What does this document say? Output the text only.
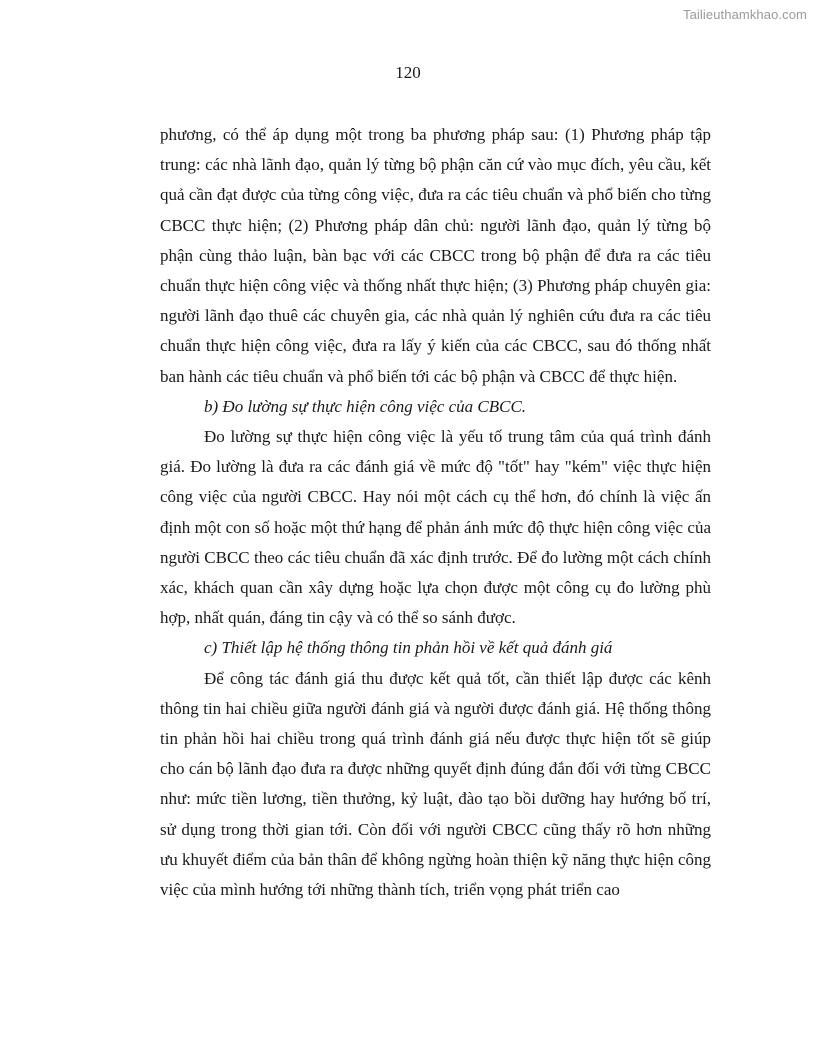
Tailieuthamkhao.com
120

phương, có thể áp dụng một trong ba phương pháp sau: (1) Phương pháp tập trung: các nhà lãnh đạo, quản lý từng bộ phận căn cứ vào mục đích, yêu cầu, kết quả cần đạt được của từng công việc, đưa ra các tiêu chuẩn và phổ biến cho từng CBCC thực hiện; (2) Phương pháp dân chủ: người lãnh đạo, quản lý từng bộ phận cùng thảo luận, bàn bạc với các CBCC trong bộ phận để đưa ra các tiêu chuẩn thực hiện công việc và thống nhất thực hiện; (3) Phương pháp chuyên gia: người lãnh đạo thuê các chuyên gia, các nhà quản lý nghiên cứu đưa ra các tiêu chuẩn thực hiện công việc, đưa ra lấy ý kiến của các CBCC, sau đó thống nhất ban hành các tiêu chuẩn và phổ biến tới các bộ phận và CBCC để thực hiện.

b) Đo lường sự thực hiện công việc của CBCC.

Đo lường sự thực hiện công việc là yếu tố trung tâm của quá trình đánh giá. Đo lường là đưa ra các đánh giá về mức độ "tốt" hay "kém" việc thực hiện công việc của người CBCC. Hay nói một cách cụ thể hơn, đó chính là việc ấn định một con số hoặc một thứ hạng để phản ánh mức độ thực hiện công việc của người CBCC theo các tiêu chuẩn đã xác định trước. Để đo lường một cách chính xác, khách quan cần xây dựng hoặc lựa chọn được một công cụ đo lường phù hợp, nhất quán, đáng tin cậy và có thể so sánh được.

c) Thiết lập hệ thống thông tin phản hồi về kết quả đánh giá

Để công tác đánh giá thu được kết quả tốt, cần thiết lập được các kênh thông tin hai chiều giữa người đánh giá và người được đánh giá. Hệ thống thông tin phản hồi hai chiều trong quá trình đánh giá nếu được thực hiện tốt sẽ giúp cho cán bộ lãnh đạo đưa ra được những quyết định đúng đắn đối với từng CBCC như: mức tiền lương, tiền thưởng, kỷ luật, đào tạo bồi dưỡng hay hướng bố trí, sử dụng trong thời gian tới. Còn đối với người CBCC cũng thấy rõ hơn những ưu khuyết điểm của bản thân để không ngừng hoàn thiện kỹ năng thực hiện công việc của mình hướng tới những thành tích, triển vọng phát triển cao
